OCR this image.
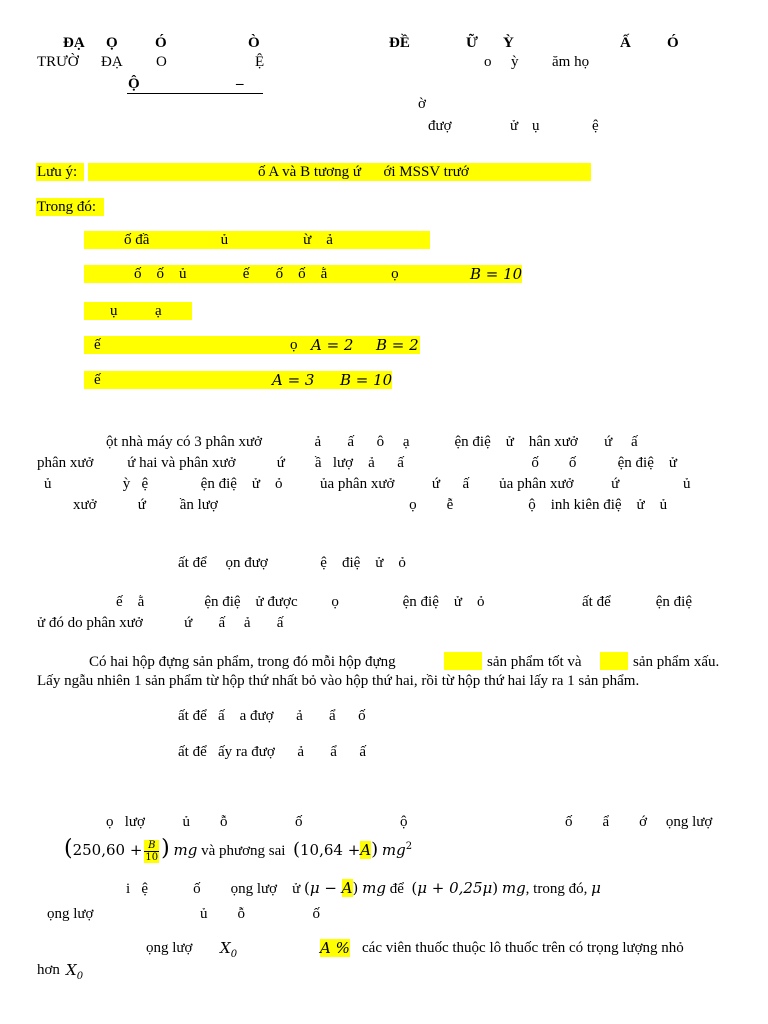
ĐẠ Ọ Ó	Ò	ĐỀ	Ữ Ỳ	Ấ Ó
TRƯỜ ĐẠ O	Ệ	o ỳ ăm họ
Ộ	–
ờ
đượ	ử ụ	ệ
Lưu ý:	ố A và B tương ứ      ới MSSV trướ
Trong đó:
ố đầ                   ủ                    ừ    ả
ố    ố    ủ               ế       ố    ố    ằ                 ọ	B = 10
ụ          ạ
ế	ọ A = 2 B = 2
ế	A = 3 B = 10
ột nhà máy có 3 phân xưở              ả       ấ      ô     ạ            ện điệ    ử    hân xưở       ứ     ấ
phân xưở         ứ hai và phân xưở           ứ        ầ   lượ    ả      ấ                                  ố        ố           ện điệ    ử
ủ                   ỳ   ệ              ện điệ    ử    ỏ          ủa phân xưở          ứ      ấ        ủa phân xưở          ứ                 ủ
xưở           ứ         ần lượ                                                   ọ        ễ                    ộ    inh kiên điệ    ử    ủ
ất để     ọn đượ              ệ    điệ    ử    ỏ
ế    ằ                ện điệ    ử được         ọ                 ện điệ    ử    ỏ                          ất để            ện điệ
ử đó do phân xưở           ứ       ấ     ả       ấ
Có hai hộp đựng sản phẩm, trong đó mỗi hộp đựng	sản phẩm tốt và	sản phẩm xấu.
Lấy ngẫu nhiên 1 sản phẩm từ hộp thứ nhất bỏ vào hộp thứ hai, rồi từ hộp thứ hai lấy ra 1 sản phẩm.
ất để   ấ    a đượ      ả       ẩ      ố
ất để   ấy ra đượ      ả       ẩ      ấ
ọ   lượ          ủ        ỗ                  ố                          ộ                                          ố        ẩ        ớ     ọng lượ
($250,60 + \frac{B}{10}$ ) mg và phương sai (10,64 +A) $mg^2$
i   ệ	ố ọng lượ ử (μ − A) mg để (μ + 0,25μ) mg, trong đó, μ
ọng lượ	ủ        ỗ                  ố
ọng lượ $X_0$	A % các viên thuốc thuộc lô thuốc trên có trọng lượng nhỏ
hơn $X_0$
